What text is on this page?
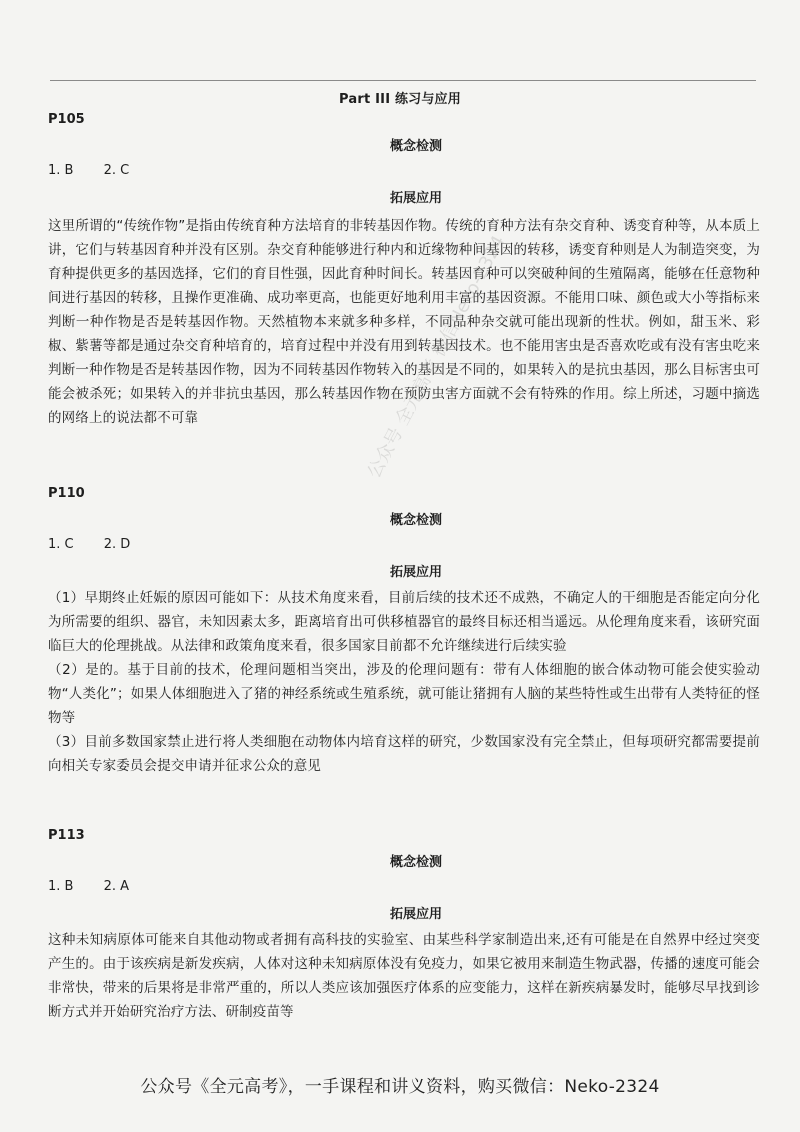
Part III 练习与应用
P105
概念检测
1. B 2. C
拓展应用

这里所谓的“传统作物”是指由传统育种方法培育的非转基因作物。传统的育种方法有杂交育种、诱变育种等，从本质上讲，它们与转基因育种并没有区别。杂交育种能够进行种内和近缘物种间基因的转移，诱变育种则是人为制造突变，为育种提供更多的基因选择，它们的育目性强，因此育种时间长。转基因育种可以突破种间的生殖隔离，能够在任意物种间进行基因的转移，且操作更准确、成功率更高，也能更好地利用丰富的基因资源。不能用口味、颜色或大小等指标来判断一种作物是否是转基因作物。天然植物本来就多种多样，不同品种杂交就可能出现新的性状。例如，甜玉米、彩椒、紫薯等都是通过杂交育种培育的，培育过程中并没有用到转基因技术。也不能用害虫是否喜欢吃或有没有害虫吃来判断一种作物是否是转基因作物，因为不同转基因作物转入的基因是不同的，如果转入的是抗虫基因，那么目标害虫可能会被杀死；如果转入的并非抗虫基因，那么转基因作物在预防虫害方面就不会有特殊的作用。综上所述，习题中摘选的网络上的说法都不可靠

P110
概念检测
1. C 2. D
拓展应用

（1）早期终止妊娠的原因可能如下：从技术角度来看，目前后续的技术还不成熟，不确定人的干细胞是否能定向分化为所需要的组织、器官，未知因素太多，距离培育出可供移植器官的最终目标还相当遥远。从伦理角度来看，该研究面临巨大的伦理挑战。从法律和政策角度来看，很多国家目前都不允许继续进行后续实验

（2）是的。基于目前的技术，伦理问题相当突出，涉及的伦理问题有：带有人体细胞的嵌合体动物可能会使实验动物“人类化”；如果人体细胞进入了猪的神经系统或生殖系统，就可能让猪拥有人脑的某些特性或生出带有人类特征的怪物等

（3）目前多数国家禁止进行将人类细胞在动物体内培育这样的研究，少数国家没有完全禁止，但每项研究都需要提前向相关专家委员会提交申请并征求公众的意见

P113
概念检测
1. B 2. A
拓展应用

这种未知病原体可能来自其他动物或者拥有高科技的实验室、由某些科学家制造出来,还有可能是在自然界中经过突变产生的。由于该疾病是新发疾病，人体对这种未知病原体没有免疫力，如果它被用来制造生物武器，传播的速度可能会非常快，带来的后果将是非常严重的，所以人类应该加强医疗体系的应变能力，这样在新疾病暴发时，能够尽早找到诊断方式并开始研究治疗方法、研制疫苗等

公众号 全元高考 微信Neko-2324
公众号《全元高考》，一手课程和讲义资料，购买微信：Neko-2324
